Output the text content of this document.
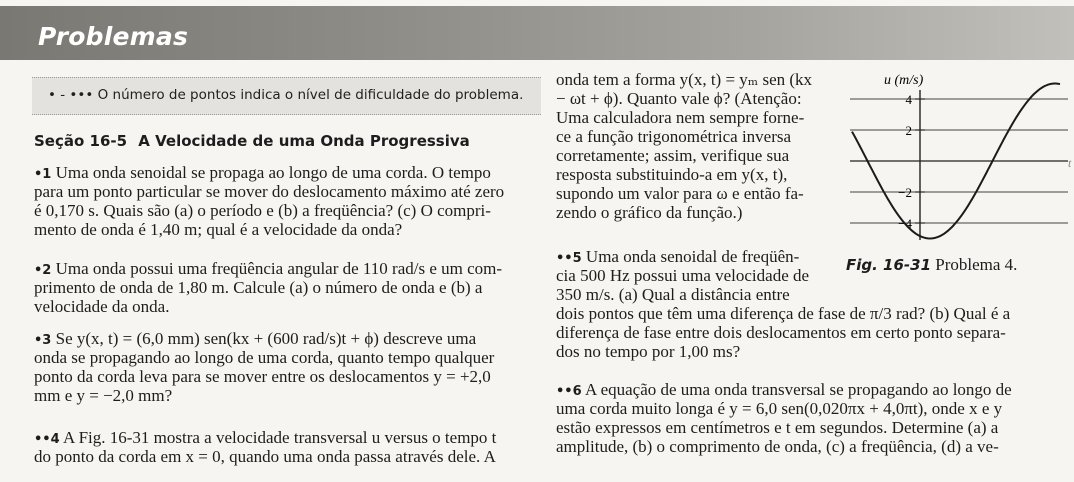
Problemas
• - ••• O número de pontos indica o nível de dificuldade do problema.
Seção 16-5 A Velocidade de uma Onda Progressiva
•1 Uma onda senoidal se propaga ao longo de uma corda. O tempo
para um ponto particular se mover do deslocamento máximo até zero
é 0,170 s. Quais são (a) o período e (b) a freqüência? (c) O compri-
mento de onda é 1,40 m; qual é a velocidade da onda?
•2 Uma onda possui uma freqüência angular de 110 rad/s e um com-
primento de onda de 1,80 m. Calcule (a) o número de onda e (b) a
velocidade da onda.
•3 Se y(x, t) = (6,0 mm) sen(kx + (600 rad/s)t + ϕ) descreve uma
onda se propagando ao longo de uma corda, quanto tempo qualquer
ponto da corda leva para se mover entre os deslocamentos y = +2,0
mm e y = −2,0 mm?
••4 A Fig. 16-31 mostra a velocidade transversal u versus o tempo t
do ponto da corda em x = 0, quando uma onda passa através dele. A
onda tem a forma y(x, t) = yₘ sen (kx
− ωt + ϕ). Quanto vale ϕ? (Atenção:
Uma calculadora nem sempre forne-
ce a função trigonométrica inversa
corretamente; assim, verifique sua
resposta substituindo-a em y(x, t),
supondo um valor para ω e então fa-
zendo o gráfico da função.)
••5 Uma onda senoidal de freqüên-
cia 500 Hz possui uma velocidade de
350 m/s. (a) Qual a distância entre
dois pontos que têm uma diferença de fase de π/3 rad? (b) Qual é a
diferença de fase entre dois deslocamentos em certo ponto separa-
dos no tempo por 1,00 ms?
••6 A equação de uma onda transversal se propagando ao longo de
uma corda muito longa é y = 6,0 sen(0,020πx + 4,0πt), onde x e y
estão expressos em centímetros e t em segundos. Determine (a) a
amplitude, (b) o comprimento de onda, (c) a freqüência, (d) a ve-
u (m/s)
t
4
2
−2
−4
Fig. 16-31 Problema 4.
